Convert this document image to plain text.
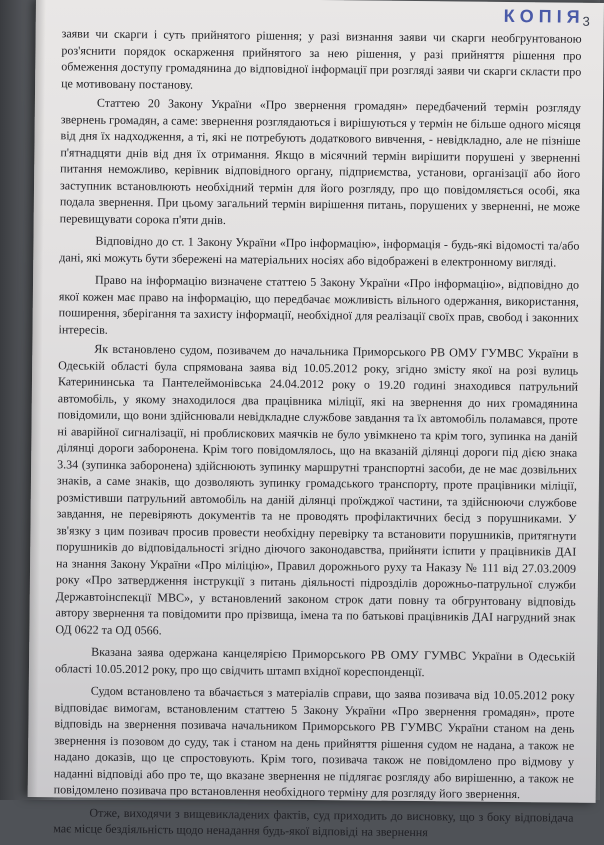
КОПІЯ3

заяви чи скарги і суть прийнятого рішення; у разі визнання заяви чи скарги необгрунтованою роз'яснити порядок оскарження прийнятого за нею рішення, у разі прийняття рішення про обмеження доступу громадянина до відповідної інформації при розгляді заяви чи скарги скласти про це мотивовану постанову.

Статтею 20 Закону України «Про звернення громадян» передбачений термін розгляду звернень громадян, а саме: звернення розглядаються і вирішуються у термін не більше одного місяця від дня їх надходження, а ті, які не потребують додаткового вивчення, - невідкладно, але не пізніше п'ятнадцяти днів від дня їх отримання. Якщо в місячний термін вирішити порушені у зверненні питання неможливо, керівник відповідного органу, підприємства, установи, організації або його заступник встановлюють необхідний термін для його розгляду, про що повідомляється особі, яка подала звернення. При цьому загальний термін вирішення питань, порушених у зверненні, не може перевищувати сорока п'яти днів.

Відповідно до ст. 1 Закону України «Про інформацію», інформація - будь-які відомості та/або дані, які можуть бути збережені на матеріальних носіях або відображені в електронному вигляді.

Право на інформацію визначене статтею 5 Закону України «Про інформацію», відповідно до якої кожен має право на інформацію, що передбачає можливість вільного одержання, використання, поширення, зберігання та захисту інформації, необхідної для реалізації своїх прав, свобод і законних інтересів.

Як встановлено судом, позивачем до начальника Приморського РВ ОМУ ГУМВС України в Одеській області була спрямована заява від 10.05.2012 року, згідно змісту якої на розі вулиць Катерининська та Пантелеймонівська 24.04.2012 року о 19.20 годині знаходився патрульний автомобіль, у якому знаходилося два працівника міліції, які на звернення до них громадянина повідомили, що вони здійснювали невідкладне службове завдання та їх автомобіль поламався, проте ні аварійної сигналізації, ні проблискових маячків не було увімкнено та крім того, зупинка на даній ділянці дороги заборонена. Крім того повідомлялось, що на вказаній ділянці дороги під дією знака 3.34 (зупинка заборонена) здійснюють зупинку маршрутні транспортні засоби, де не має дозвільних знаків, а саме знаків, що дозволяють зупинку громадського транспорту, проте працівники міліції, розмістивши патрульний автомобіль на даній ділянці проїжджої частини, та здійснюючи службове завдання, не перевіряють документів та не проводять профілактичних бесід з порушниками. У зв'язку з цим позивач просив провести необхідну перевірку та встановити порушників, притягнути порушників до відповідальності згідно діючого законодавства, прийняти іспити у працівників ДАІ на знання Закону України «Про міліцію», Правил дорожнього руху та Наказу № 111 від 27.03.2009 року «Про затвердження інструкції з питань діяльності підрозділів дорожньо-патрульної служби Державтоінспекції МВС», у встановлений законом строк дати повну та обгрунтовану відповідь автору звернення та повідомити про прізвища, імена та по батькові працівників ДАІ нагрудний знак ОД 0622 та ОД 0566.

Вказана заява одержана канцелярією Приморського РВ ОМУ ГУМВС України в Одеській області 10.05.2012 року, про що свідчить штамп вхідної кореспонденції.

Судом встановлено та вбачається з матеріалів справи, що заява позивача від 10.05.2012 року відповідає вимогам, встановленим статтею 5 Закону України «Про звернення громадян», проте відповідь на звернення позивача начальником Приморського РВ ГУМВС України станом на день звернення із позовом до суду, так і станом на день прийняття рішення судом не надана, а також не надано доказів, що це спростовують. Крім того, позивача також не повідомлено про відмову у наданні відповіді або про те, що вказане звернення не підлягає розгляду або вирішенню, а також не повідомлено позивача про встановлення необхідного терміну для розгляду його звернення.

Отже, виходячи з вищевикладених фактів, суд приходить до висновку, що з боку відповідача має місце бездіяльність щодо ненадання будь-якої відповіді на звернення
